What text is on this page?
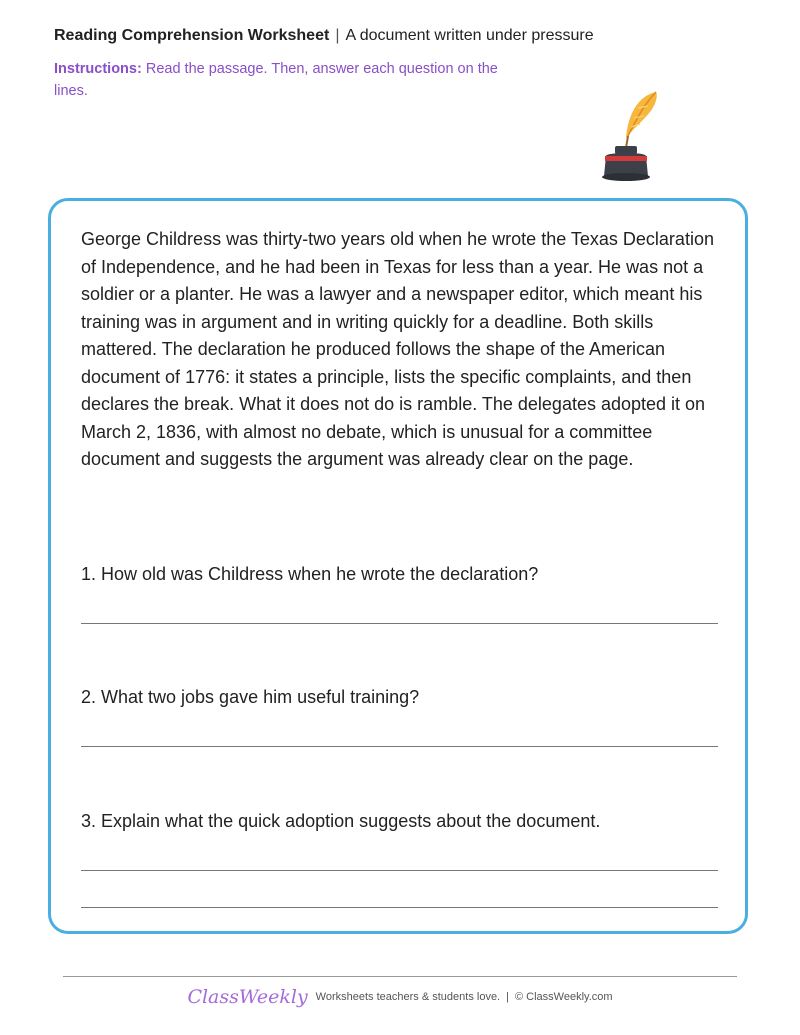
Reading Comprehension Worksheet | A document written under pressure
Instructions: Read the passage. Then, answer each question on the lines.

George Childress was thirty-two years old when he wrote the Texas Declaration of Independence, and he had been in Texas for less than a year. He was not a soldier or a planter. He was a lawyer and a newspaper editor, which meant his training was in argument and in writing quickly for a deadline. Both skills mattered. The declaration he produced follows the shape of the American document of 1776: it states a principle, lists the specific complaints, and then declares the break. What it does not do is ramble. The delegates adopted it on March 2, 1836, with almost no debate, which is unusual for a committee document and suggests the argument was already clear on the page.

1. How old was Childress when he wrote the declaration?
2. What two jobs gave him useful training?
3. Explain what the quick adoption suggests about the document.
ClassWeekly Worksheets teachers & students love. | © ClassWeekly.com
